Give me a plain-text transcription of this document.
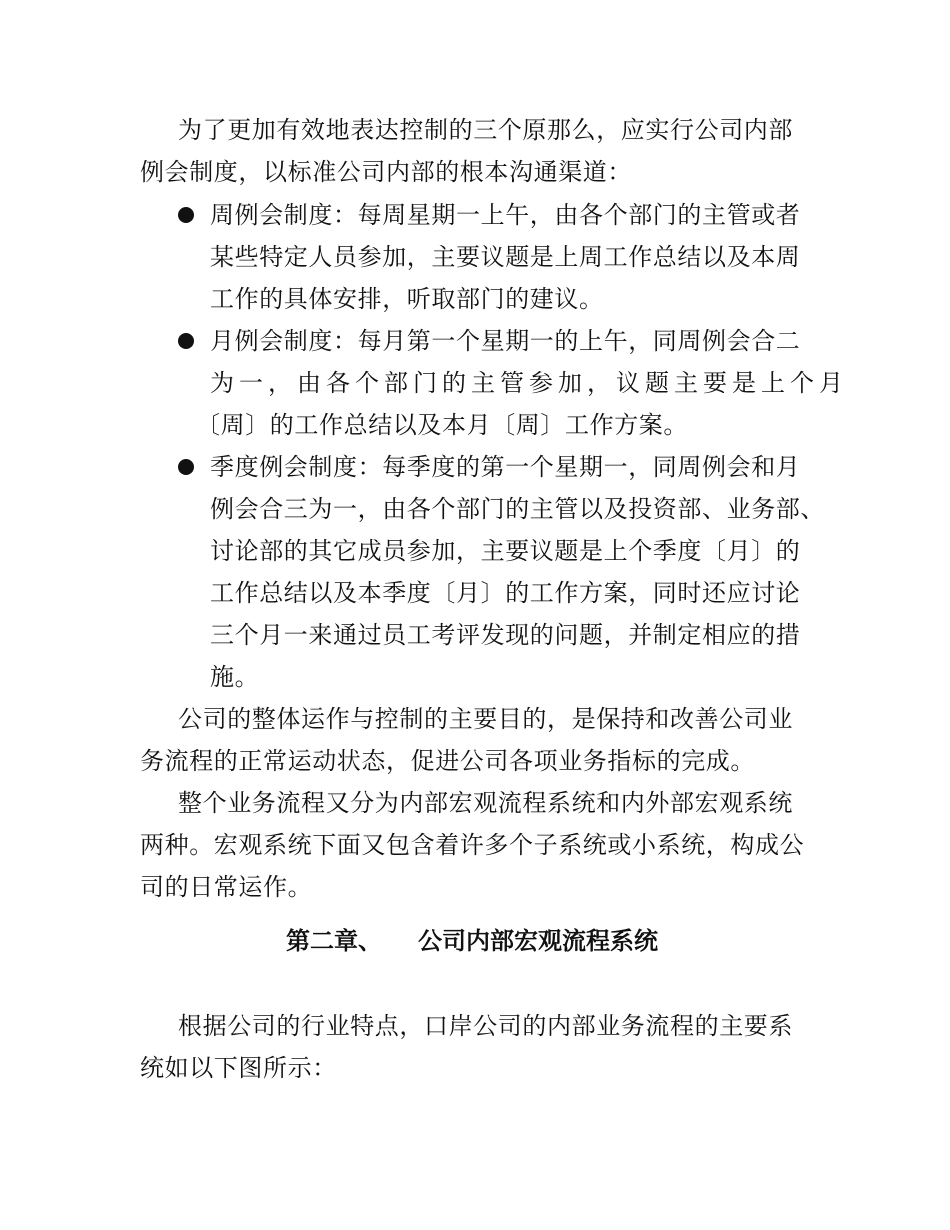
为了更加有效地表达控制的三个原那么，应实行公司内部
例会制度，以标准公司内部的根本沟通渠道：
周例会制度：每周星期一上午，由各个部门的主管或者
某些特定人员参加，主要议题是上周工作总结以及本周
工作的具体安排，听取部门的建议。
月例会制度：每月第一个星期一的上午，同周例会合二
为一，由各个部门的主管参加，议题主要是上个月
〔周〕的工作总结以及本月〔周〕工作方案。
季度例会制度：每季度的第一个星期一，同周例会和月
例会合三为一，由各个部门的主管以及投资部、业务部、
讨论部的其它成员参加，主要议题是上个季度〔月〕的
工作总结以及本季度〔月〕的工作方案，同时还应讨论
三个月一来通过员工考评发现的问题，并制定相应的措
施。
公司的整体运作与控制的主要目的，是保持和改善公司业
务流程的正常运动状态，促进公司各项业务指标的完成。
整个业务流程又分为内部宏观流程系统和内外部宏观系统
两种。宏观系统下面又包含着许多个子系统或小系统，构成公
司的日常运作。
第二章、 公司内部宏观流程系统
根据公司的行业特点，口岸公司的内部业务流程的主要系
统如以下图所示：
